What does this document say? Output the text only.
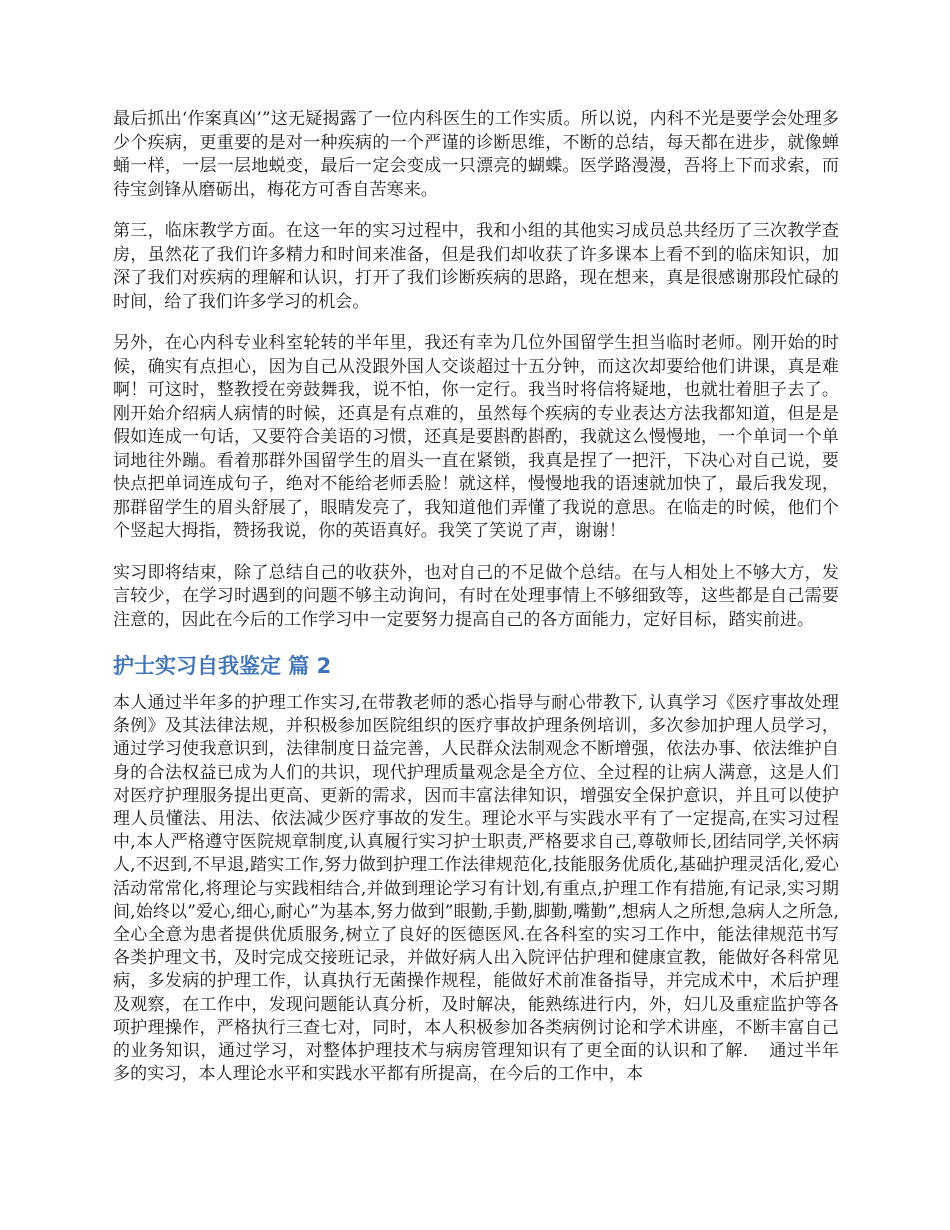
最后抓出‘作案真凶’”这无疑揭露了一位内科医生的工作实质。所以说，内科不光是要学会处理多少个疾病，更重要的是对一种疾病的一个严谨的诊断思维，不断的总结，每天都在进步，就像蝉蛹一样，一层一层地蜕变，最后一定会变成一只漂亮的蝴蝶。医学路漫漫，吾将上下而求索，而待宝剑锋从磨砺出，梅花方可香自苦寒来。

第三，临床教学方面。在这一年的实习过程中，我和小组的其他实习成员总共经历了三次教学查房，虽然花了我们许多精力和时间来准备，但是我们却收获了许多课本上看不到的临床知识，加深了我们对疾病的理解和认识，打开了我们诊断疾病的思路，现在想来，真是很感谢那段忙碌的时间，给了我们许多学习的机会。

另外，在心内科专业科室轮转的半年里，我还有幸为几位外国留学生担当临时老师。刚开始的时候，确实有点担心，因为自己从没跟外国人交谈超过十五分钟，而这次却要给他们讲课，真是难啊！可这时，整教授在旁鼓舞我，说不怕，你一定行。我当时将信将疑地，也就壮着胆子去了。刚开始介绍病人病情的时候，还真是有点难的，虽然每个疾病的专业表达方法我都知道，但是是假如连成一句话，又要符合美语的习惯，还真是要斟酌斟酌，我就这么慢慢地，一个单词一个单词地往外蹦。看着那群外国留学生的眉头一直在紧锁，我真是捏了一把汗，下决心对自己说，要快点把单词连成句子，绝对不能给老师丢脸！就这样，慢慢地我的语速就加快了，最后我发现，那群留学生的眉头舒展了，眼睛发亮了，我知道他们弄懂了我说的意思。在临走的时候，他们个个竖起大拇指，赞扬我说，你的英语真好。我笑了笑说了声，谢谢！

实习即将结束，除了总结自己的收获外，也对自己的不足做个总结。在与人相处上不够大方，发言较少，在学习时遇到的问题不够主动询问，有时在处理事情上不够细致等，这些都是自己需要注意的，因此在今后的工作学习中一定要努力提高自己的各方面能力，定好目标，踏实前进。

护士实习自我鉴定 篇 2

本人通过半年多的护理工作实习,在带教老师的悉心指导与耐心带教下, 认真学习《医疗事故处理条例》及其法律法规，并积极参加医院组织的医疗事故护理条例培训，多次参加护理人员学习，通过学习使我意识到，法律制度日益完善，人民群众法制观念不断增强，依法办事、依法维护自身的合法权益已成为人们的共识，现代护理质量观念是全方位、全过程的让病人满意，这是人们对医疗护理服务提出更高、更新的需求，因而丰富法律知识，增强安全保护意识，并且可以使护理人员懂法、用法、依法减少医疗事故的发生。理论水平与实践水平有了一定提高,在实习过程中,本人严格遵守医院规章制度,认真履行实习护士职责,严格要求自己,尊敬师长,团结同学,关怀病人,不迟到,不早退,踏实工作,努力做到护理工作法律规范化,技能服务优质化,基础护理灵活化,爱心活动常常化,将理论与实践相结合,并做到理论学习有计划,有重点,护理工作有措施,有记录,实习期间,始终以”爱心,细心,耐心”为基本,努力做到”眼勤,手勤,脚勤,嘴勤”,想病人之所想,急病人之所急,全心全意为患者提供优质服务,树立了良好的医德医风.在各科室的实习工作中，能法律规范书写各类护理文书，及时完成交接班记录，并做好病人出入院评估护理和健康宣教，能做好各科常见病，多发病的护理工作，认真执行无菌操作规程，能做好术前准备指导，并完成术中，术后护理及观察，在工作中，发现问题能认真分析，及时解决，能熟练进行内，外，妇儿及重症监护等各项护理操作，严格执行三查七对，同时，本人积极参加各类病例讨论和学术讲座，不断丰富自己的业务知识，通过学习，对整体护理技术与病房管理知识有了更全面的认识和了解．　通过半年多的实习，本人理论水平和实践水平都有所提高，在今后的工作中，本
